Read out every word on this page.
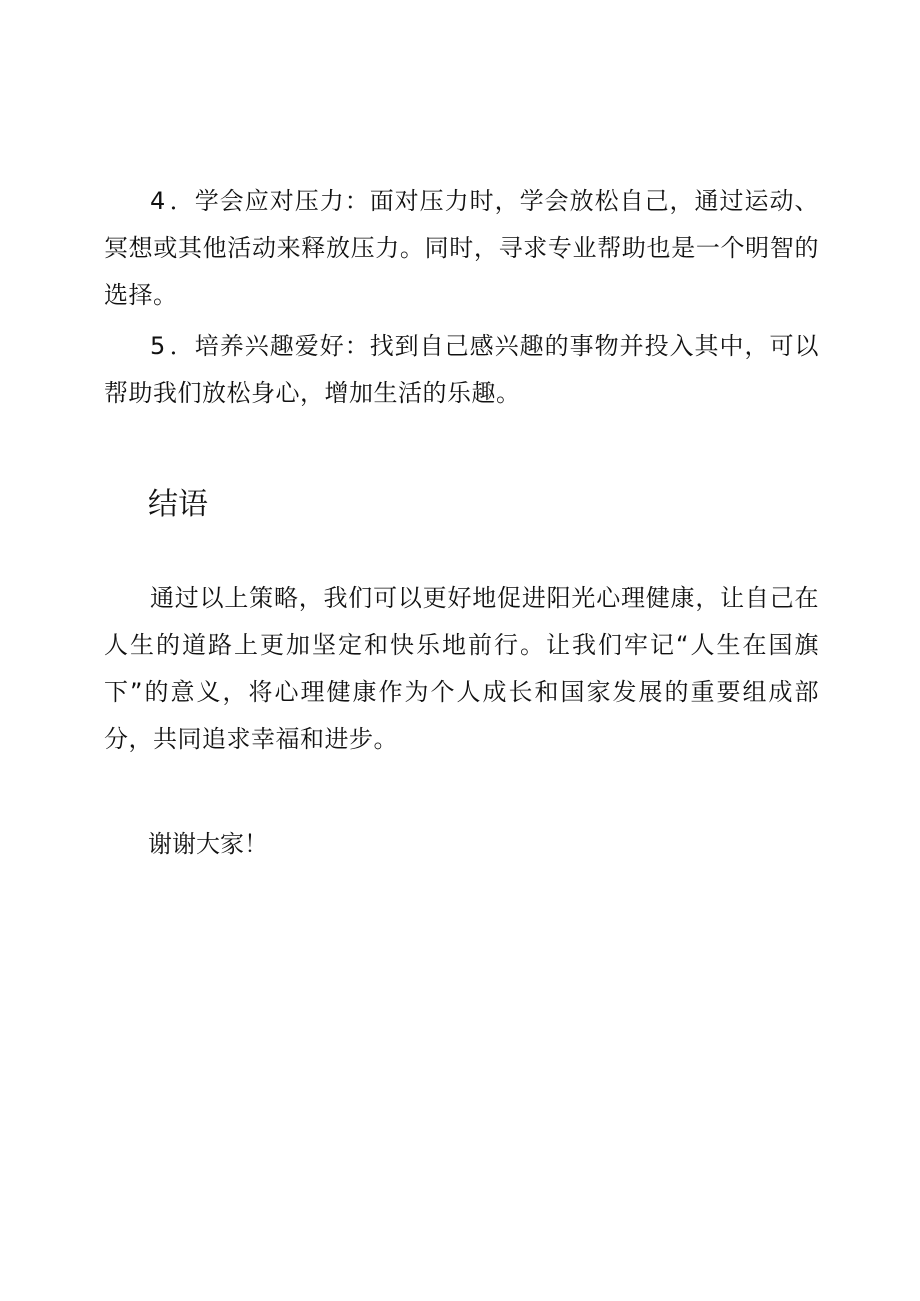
4．学会应对压力：面对压力时，学会放松自己，通过运动、冥想或其他活动来释放压力。同时，寻求专业帮助也是一个明智的选择。

5．培养兴趣爱好：找到自己感兴趣的事物并投入其中，可以帮助我们放松身心，增加生活的乐趣。

结语

通过以上策略，我们可以更好地促进阳光心理健康，让自己在人生的道路上更加坚定和快乐地前行。让我们牢记“人生在国旗下”的意义，将心理健康作为个人成长和国家发展的重要组成部分，共同追求幸福和进步。

谢谢大家！
